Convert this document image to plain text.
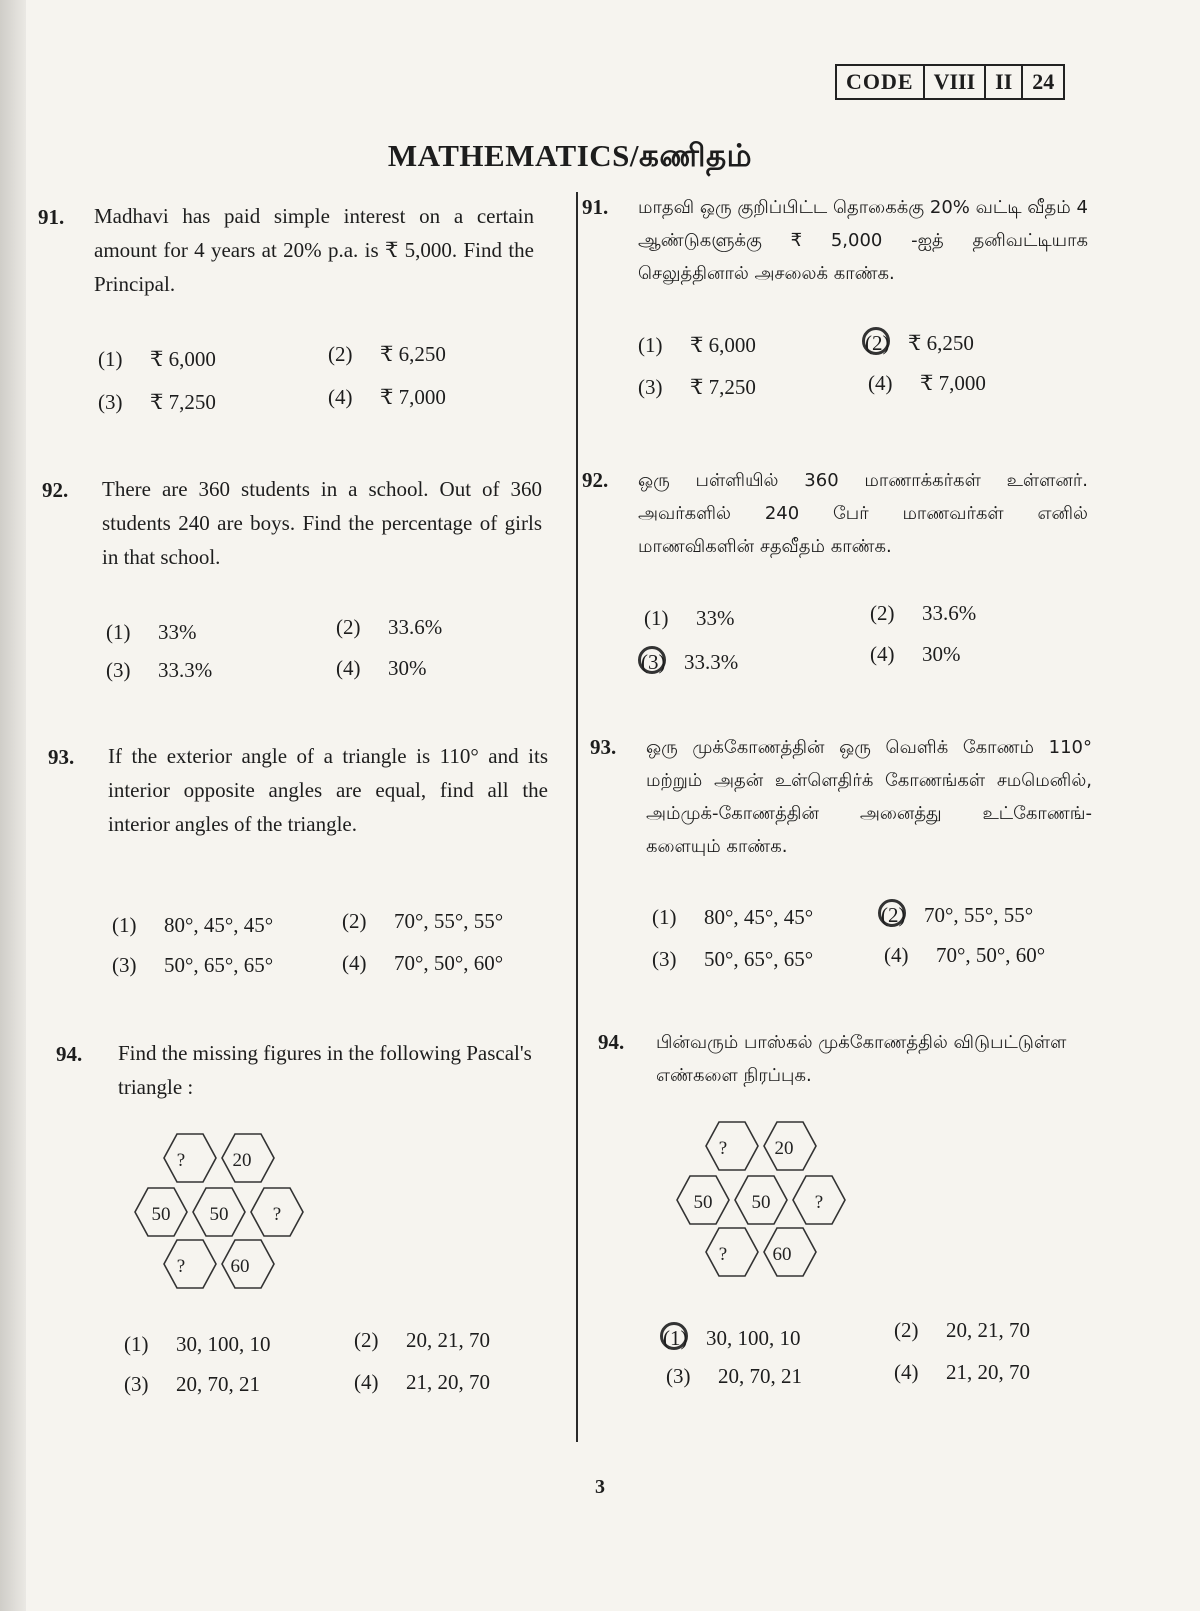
CODE VIII II 24
MATHEMATICS/கணிதம்
91. Madhavi has paid simple interest on a certain amount for 4 years at 20% p.a. is ₹ 5,000. Find the Principal.
(1) ₹ 6,000	(2) ₹ 6,250
(3) ₹ 7,250	(4) ₹ 7,000
92. There are 360 students in a school. Out of 360 students 240 are boys. Find the percentage of girls in that school.
(1) 33%	(2) 33.6%
(3) 33.3%	(4) 30%
93. If the exterior angle of a triangle is 110° and its interior opposite angles are equal, find all the interior angles of the triangle.
(1) 80°, 45°, 45°	(2) 70°, 55°, 55°
(3) 50°, 65°, 65°	(4) 70°, 50°, 60°
94. Find the missing figures in the following Pascal's triangle :
? 20
50 50 ?
? 60
(1) 30, 100, 10	(2) 20, 21, 70
(3) 20, 70, 21	(4) 21, 20, 70
91. மாதவி ஒரு குறிப்பிட்ட தொகைக்கு 20% வட்டி வீதம் 4 ஆண்டுகளுக்கு ₹ 5,000 -ஐத் தனிவட்டியாக செலுத்தினால் அசலைக் காண்க.
(1) ₹ 6,000	(2) ₹ 6,250
(3) ₹ 7,250	(4) ₹ 7,000
92. ஒரு பள்ளியில் 360 மாணாக்கர்கள் உள்ளனர். அவர்களில் 240 பேர் மாணவர்கள் எனில் மாணவிகளின் சதவீதம் காண்க.
(1) 33%	(2) 33.6%
(3) 33.3%	(4) 30%
93. ஒரு முக்கோணத்தின் ஒரு வெளிக் கோணம் 110° மற்றும் அதன் உள்ளெதிர்க் கோணங்கள் சமமெனில், அம்முக்-கோணத்தின் அனைத்து உட்கோணங்-களையும் காண்க.
(1) 80°, 45°, 45°	(2) 70°, 55°, 55°
(3) 50°, 65°, 65°	(4) 70°, 50°, 60°
94. பின்வரும் பாஸ்கல் முக்கோணத்தில் விடுபட்டுள்ள எண்களை நிரப்புக.
? 20
50 50 ?
? 60
(1) 30, 100, 10	(2) 20, 21, 70
(3) 20, 70, 21	(4) 21, 20, 70
3
